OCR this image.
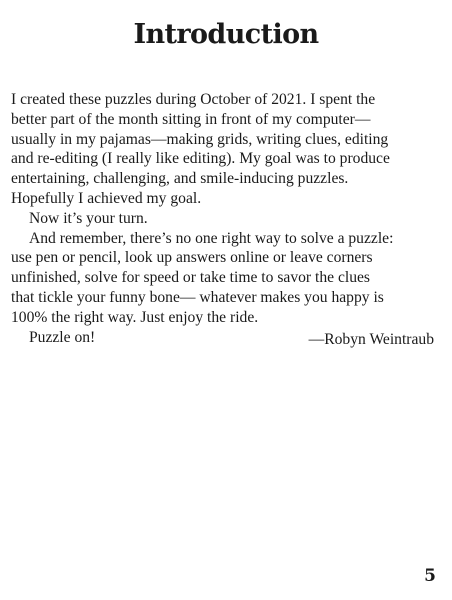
Introduction

I created these puzzles during October of 2021. I spent the

better part of the month sitting in front of my computer—

usually in my pajamas—making grids, writing clues, editing

and re-editing (I really like editing). My goal was to produce

entertaining, challenging, and smile-inducing puzzles.

Hopefully I achieved my goal.

Now it’s your turn.

And remember, there’s no one right way to solve a puzzle:

use pen or pencil, look up answers online or leave corners

unfinished, solve for speed or take time to savor the clues

that tickle your funny bone— whatever makes you happy is

100% the right way. Just enjoy the ride.

Puzzle on!	—Robyn Weintraub
5
